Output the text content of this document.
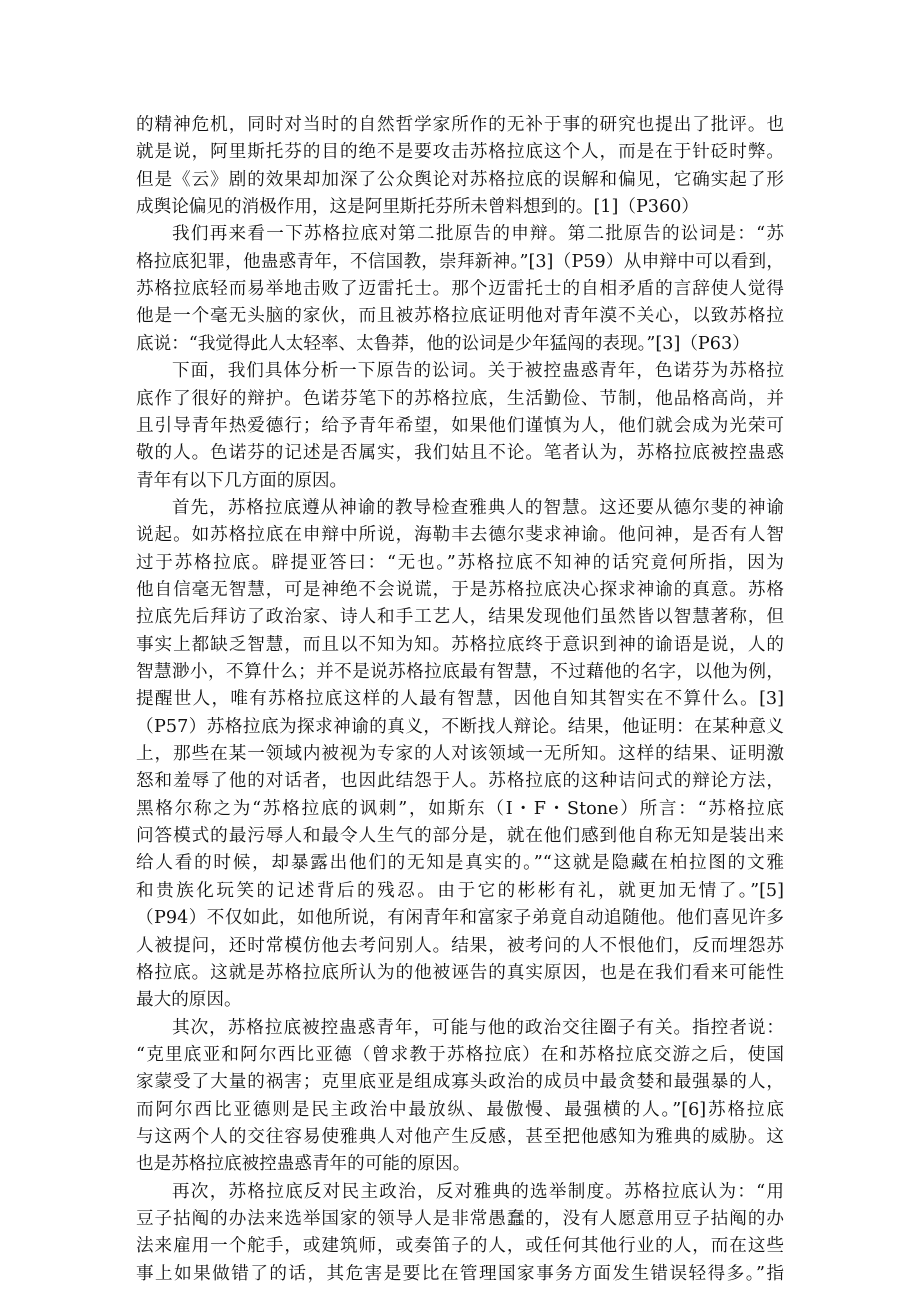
的精神危机，同时对当时的自然哲学家所作的无补于事的研究也提出了批评。也
就是说，阿里斯托芬的目的绝不是要攻击苏格拉底这个人，而是在于针砭时弊。
但是《云》剧的效果却加深了公众舆论对苏格拉底的误解和偏见，它确实起了形
成舆论偏见的消极作用，这是阿里斯托芬所未曾料想到的。[1]（P360）
我们再来看一下苏格拉底对第二批原告的申辩。第二批原告的讼词是：“苏
格拉底犯罪，他蛊惑青年，不信国教，崇拜新神。”[3]（P59）从申辩中可以看到，
苏格拉底轻而易举地击败了迈雷托士。那个迈雷托士的自相矛盾的言辞使人觉得
他是一个毫无头脑的家伙，而且被苏格拉底证明他对青年漠不关心，以致苏格拉
底说：“我觉得此人太轻率、太鲁莽，他的讼词是少年猛闯的表现。”[3]（P63）
下面，我们具体分析一下原告的讼词。关于被控蛊惑青年，色诺芬为苏格拉
底作了很好的辩护。色诺芬笔下的苏格拉底，生活勤俭、节制，他品格高尚，并
且引导青年热爱德行；给予青年希望，如果他们谨慎为人，他们就会成为光荣可
敬的人。色诺芬的记述是否属实，我们姑且不论。笔者认为，苏格拉底被控蛊惑
青年有以下几方面的原因。
首先，苏格拉底遵从神谕的教导检查雅典人的智慧。这还要从德尔斐的神谕
说起。如苏格拉底在申辩中所说，海勒丰去德尔斐求神谕。他问神，是否有人智
过于苏格拉底。辟提亚答曰：“无也。”苏格拉底不知神的话究竟何所指，因为
他自信毫无智慧，可是神绝不会说谎，于是苏格拉底决心探求神谕的真意。苏格
拉底先后拜访了政治家、诗人和手工艺人，结果发现他们虽然皆以智慧著称，但
事实上都缺乏智慧，而且以不知为知。苏格拉底终于意识到神的谕语是说，人的
智慧渺小，不算什么；并不是说苏格拉底最有智慧，不过藉他的名字，以他为例，
提醒世人，唯有苏格拉底这样的人最有智慧，因他自知其智实在不算什么。[3]
（P57）苏格拉底为探求神谕的真义，不断找人辩论。结果，他证明：在某种意义
上，那些在某一领域内被视为专家的人对该领域一无所知。这样的结果、证明激
怒和羞辱了他的对话者，也因此结怨于人。苏格拉底的这种诘问式的辩论方法，
黑格尔称之为“苏格拉底的讽刺”，如斯东（I・F・Stone）所言：“苏格拉底
问答模式的最污辱人和最令人生气的部分是，就在他们感到他自称无知是装出来
给人看的时候，却暴露出他们的无知是真实的。”“这就是隐藏在柏拉图的文雅
和贵族化玩笑的记述背后的残忍。由于它的彬彬有礼，就更加无情了。”[5]
（P94）不仅如此，如他所说，有闲青年和富家子弟竟自动追随他。他们喜见许多
人被提问，还时常模仿他去考问别人。结果，被考问的人不恨他们，反而埋怨苏
格拉底。这就是苏格拉底所认为的他被诬告的真实原因，也是在我们看来可能性
最大的原因。
其次，苏格拉底被控蛊惑青年，可能与他的政治交往圈子有关。指控者说：
“克里底亚和阿尔西比亚德（曾求教于苏格拉底）在和苏格拉底交游之后，使国
家蒙受了大量的祸害；克里底亚是组成寡头政治的成员中最贪婪和最强暴的人，
而阿尔西比亚德则是民主政治中最放纵、最傲慢、最强横的人。”[6]苏格拉底
与这两个人的交往容易使雅典人对他产生反感，甚至把他感知为雅典的威胁。这
也是苏格拉底被控蛊惑青年的可能的原因。
再次，苏格拉底反对民主政治，反对雅典的选举制度。苏格拉底认为：“用
豆子拈阄的办法来选举国家的领导人是非常愚蠢的，没有人愿意用豆子拈阄的办
法来雇用一个舵手，或建筑师，或奏笛子的人，或任何其他行业的人，而在这些
事上如果做错了的话，其危害是要比在管理国家事务方面发生错误轻得多。”指
